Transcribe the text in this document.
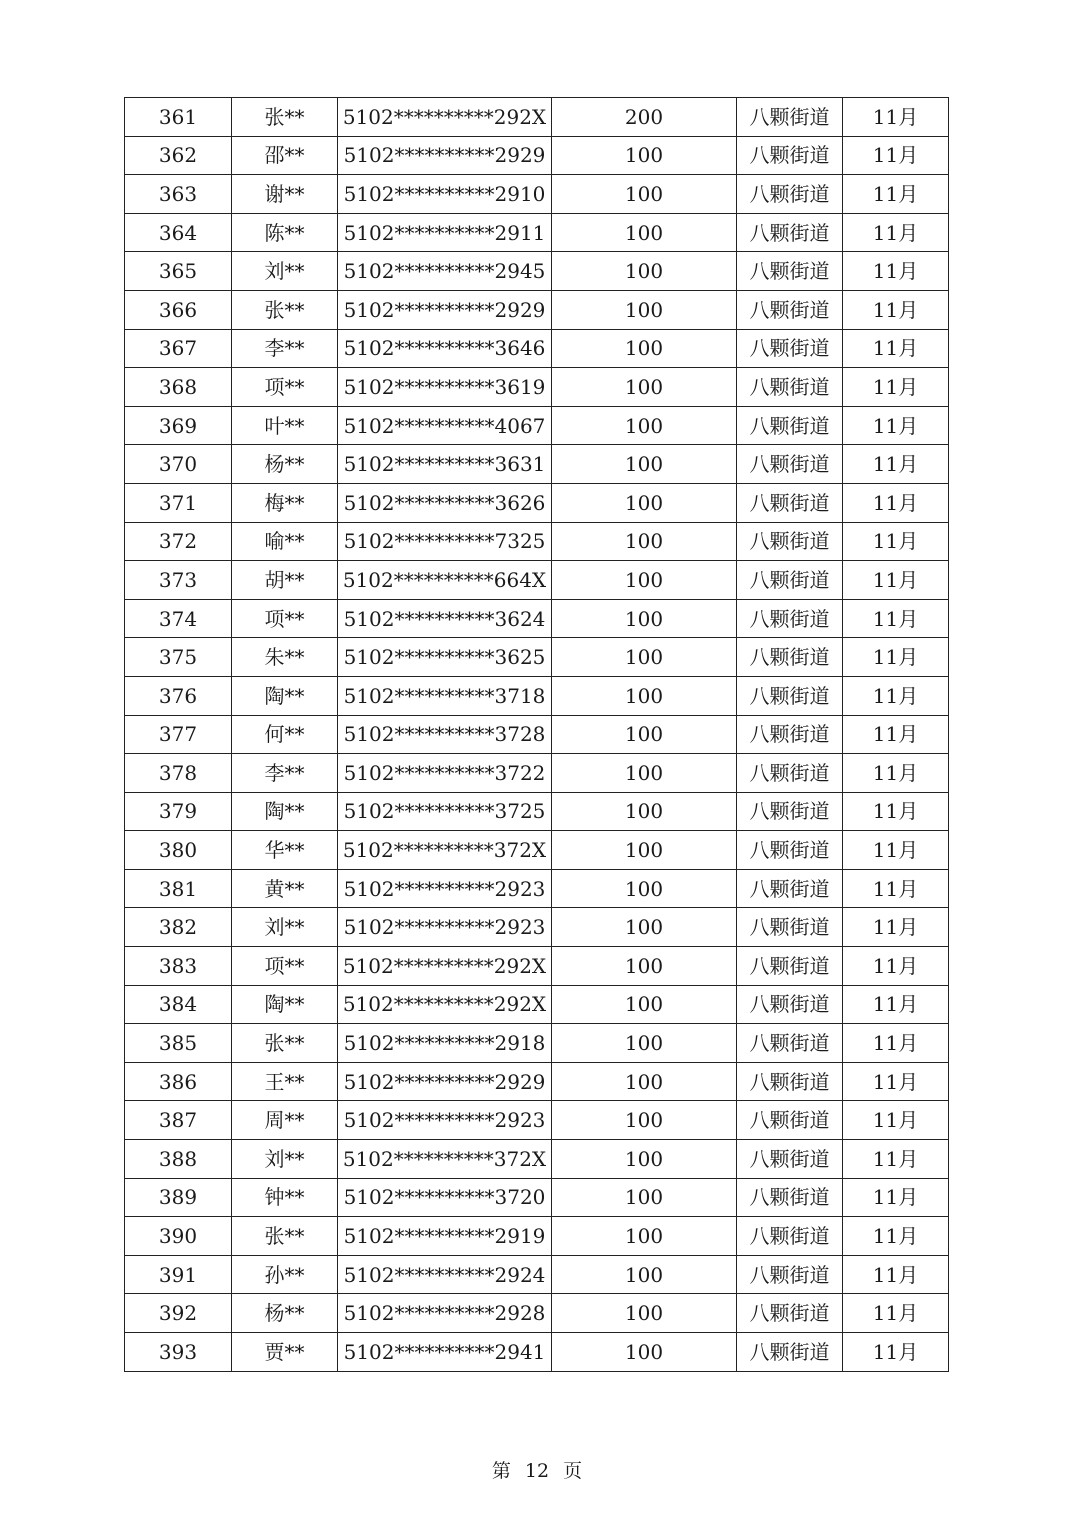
361	张**	5102**********292X	200	八颗街道	11月
362	邵**	5102**********2929	100	八颗街道	11月
363	谢**	5102**********2910	100	八颗街道	11月
364	陈**	5102**********2911	100	八颗街道	11月
365	刘**	5102**********2945	100	八颗街道	11月
366	张**	5102**********2929	100	八颗街道	11月
367	李**	5102**********3646	100	八颗街道	11月
368	项**	5102**********3619	100	八颗街道	11月
369	叶**	5102**********4067	100	八颗街道	11月
370	杨**	5102**********3631	100	八颗街道	11月
371	梅**	5102**********3626	100	八颗街道	11月
372	喻**	5102**********7325	100	八颗街道	11月
373	胡**	5102**********664X	100	八颗街道	11月
374	项**	5102**********3624	100	八颗街道	11月
375	朱**	5102**********3625	100	八颗街道	11月
376	陶**	5102**********3718	100	八颗街道	11月
377	何**	5102**********3728	100	八颗街道	11月
378	李**	5102**********3722	100	八颗街道	11月
379	陶**	5102**********3725	100	八颗街道	11月
380	华**	5102**********372X	100	八颗街道	11月
381	黄**	5102**********2923	100	八颗街道	11月
382	刘**	5102**********2923	100	八颗街道	11月
383	项**	5102**********292X	100	八颗街道	11月
384	陶**	5102**********292X	100	八颗街道	11月
385	张**	5102**********2918	100	八颗街道	11月
386	王**	5102**********2929	100	八颗街道	11月
387	周**	5102**********2923	100	八颗街道	11月
388	刘**	5102**********372X	100	八颗街道	11月
389	钟**	5102**********3720	100	八颗街道	11月
390	张**	5102**********2919	100	八颗街道	11月
391	孙**	5102**********2924	100	八颗街道	11月
392	杨**	5102**********2928	100	八颗街道	11月
393	贾**	5102**********2941	100	八颗街道	11月
第 12 页
